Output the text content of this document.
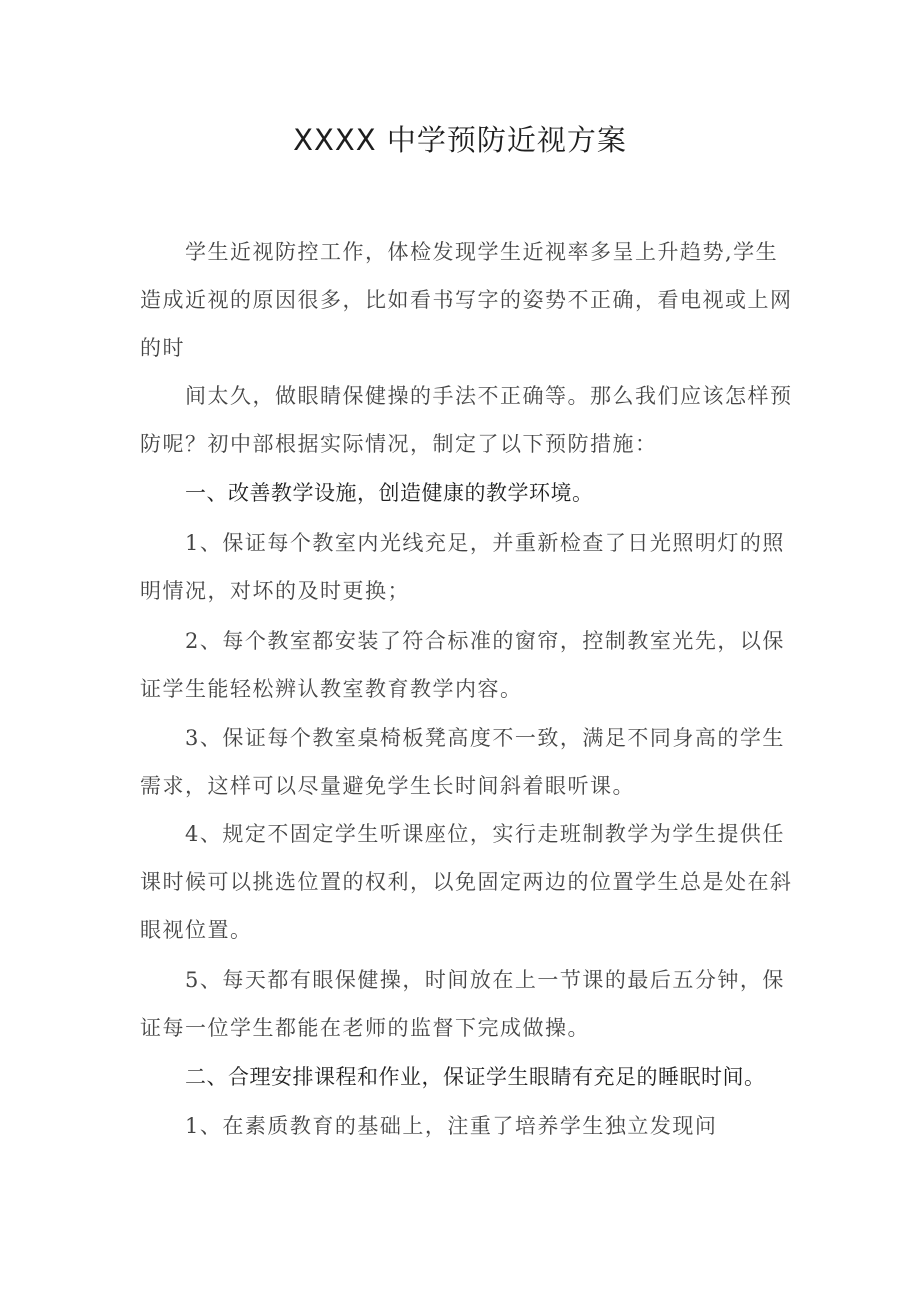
XXXX 中学预防近视方案

学生近视防控工作，体检发现学生近视率多呈上升趋势,学生造成近视的原因很多，比如看书写字的姿势不正确，看电视或上网的时

间太久，做眼睛保健操的手法不正确等。那么我们应该怎样预防呢？初中部根据实际情况，制定了以下预防措施：

一、改善教学设施，创造健康的教学环境。

1、保证每个教室内光线充足，并重新检查了日光照明灯的照明情况，对坏的及时更换；

2、每个教室都安装了符合标准的窗帘，控制教室光先，以保证学生能轻松辨认教室教育教学内容。

3、保证每个教室桌椅板凳高度不一致，满足不同身高的学生需求，这样可以尽量避免学生长时间斜着眼听课。

4、规定不固定学生听课座位，实行走班制教学为学生提供任课时候可以挑选位置的权利，以免固定两边的位置学生总是处在斜眼视位置。

5、每天都有眼保健操，时间放在上一节课的最后五分钟，保证每一位学生都能在老师的监督下完成做操。

二、合理安排课程和作业，保证学生眼睛有充足的睡眠时间。

1、在素质教育的基础上，注重了培养学生独立发现问
